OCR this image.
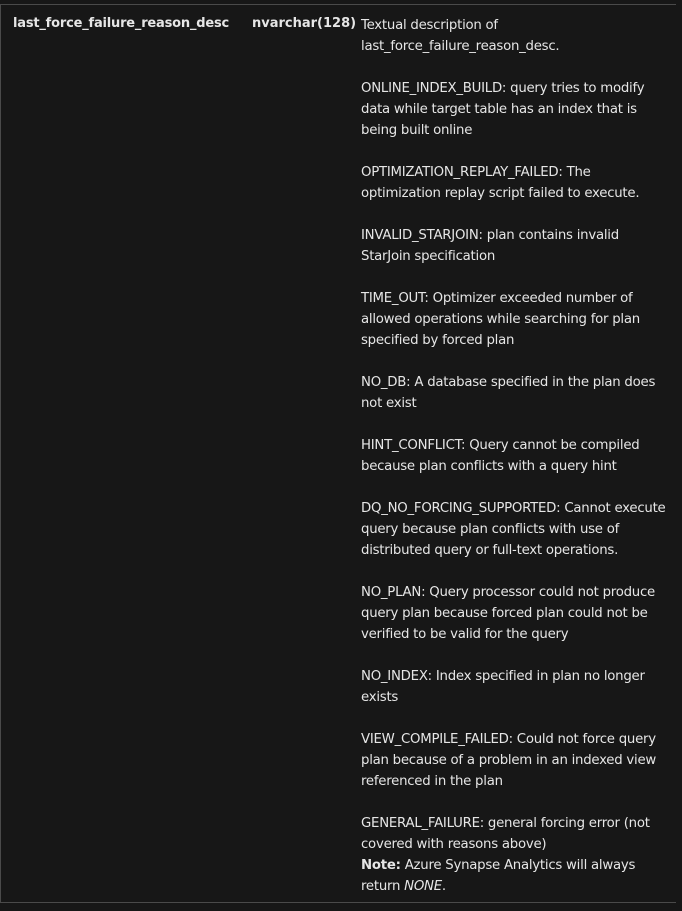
last_force_failure_reason_desc nvarchar(128) Textual description of last_force_failure_reason_desc.

ONLINE_INDEX_BUILD: query tries to modify data while target table has an index that is being built online

OPTIMIZATION_REPLAY_FAILED: The optimization replay script failed to execute.

INVALID_STARJOIN: plan contains invalid StarJoin specification

TIME_OUT: Optimizer exceeded number of allowed operations while searching for plan specified by forced plan

NO_DB: A database specified in the plan does not exist

HINT_CONFLICT: Query cannot be compiled because plan conflicts with a query hint

DQ_NO_FORCING_SUPPORTED: Cannot execute query because plan conflicts with use of distributed query or full-text operations.

NO_PLAN: Query processor could not produce query plan because forced plan could not be verified to be valid for the query

NO_INDEX: Index specified in plan no longer exists

VIEW_COMPILE_FAILED: Could not force query plan because of a problem in an indexed view referenced in the plan

GENERAL_FAILURE: general forcing error (not covered with reasons above)

Note: Azure Synapse Analytics will always return NONE.
